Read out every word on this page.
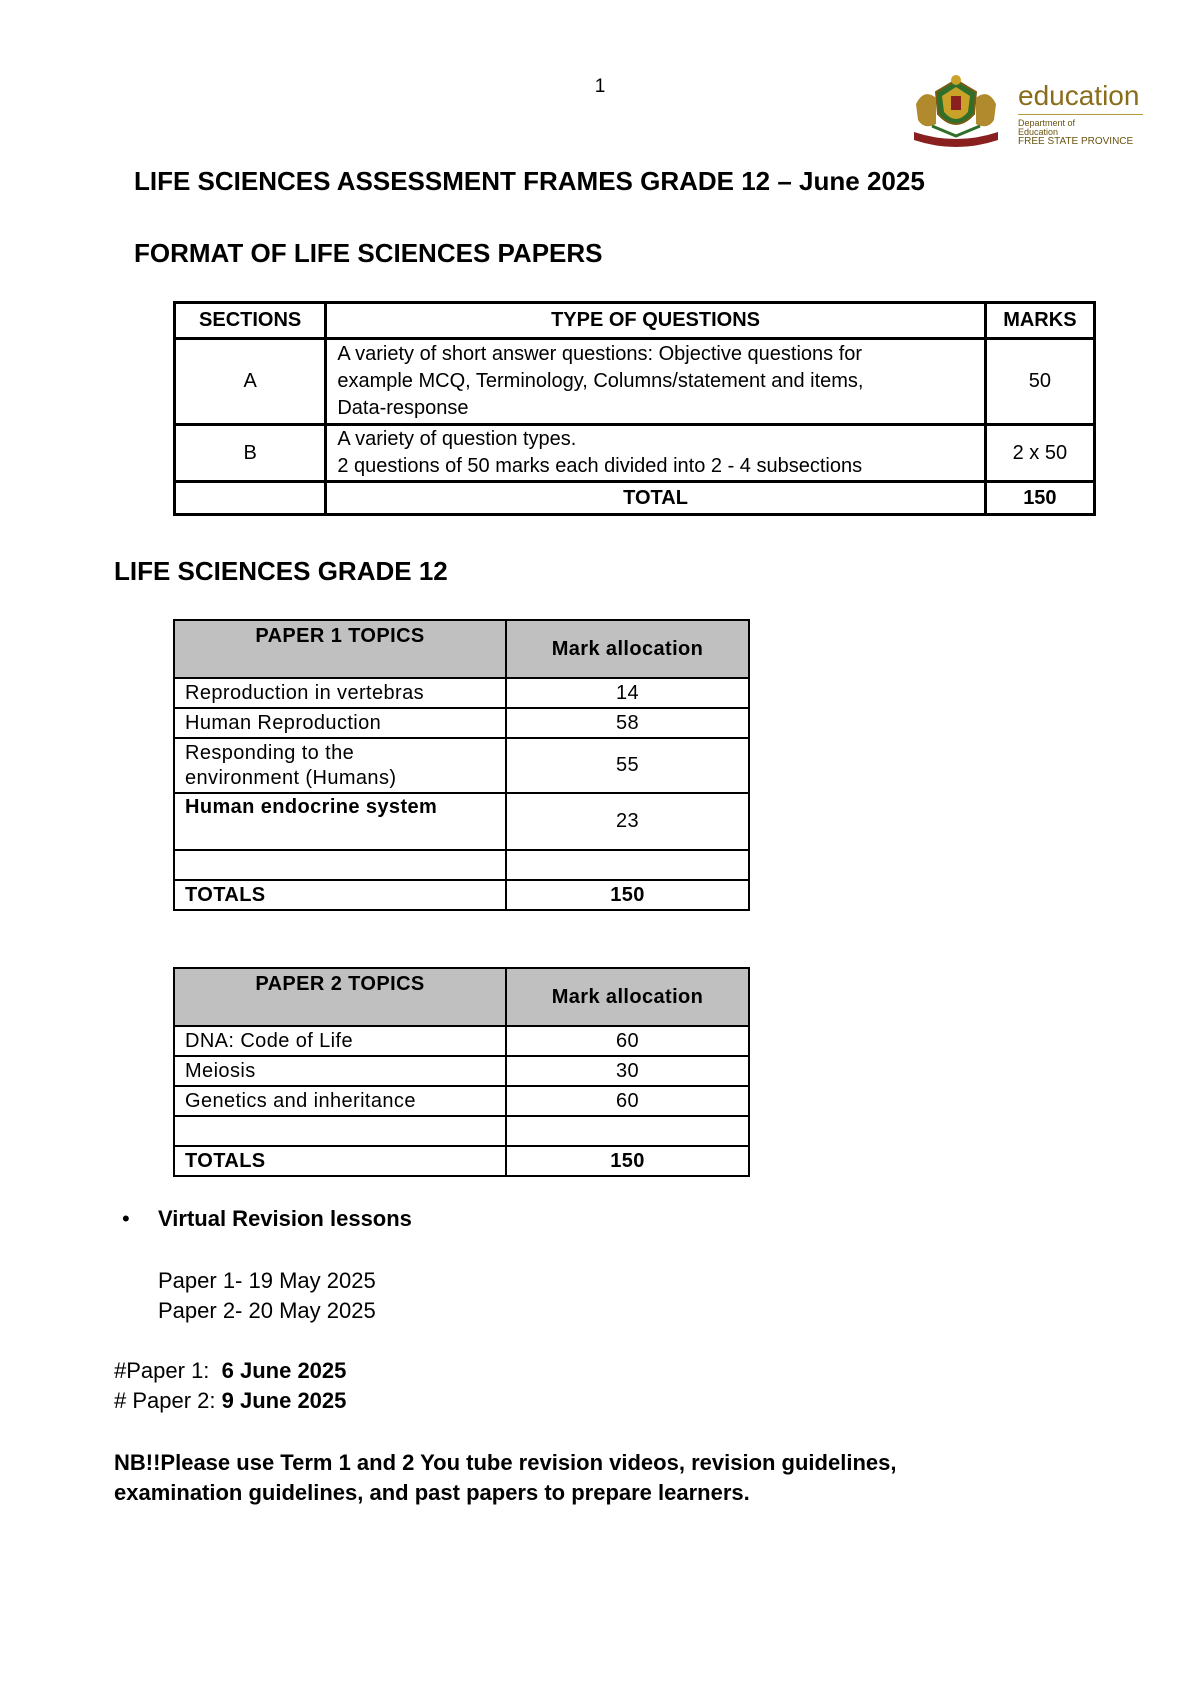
1	education
Department of
Education
FREE STATE PROVINCE
LIFE SCIENCES ASSESSMENT FRAMES GRADE 12 – June 2025
FORMAT OF LIFE SCIENCES PAPERS
SECTIONS	TYPE OF QUESTIONS	MARKS
A	A variety of short answer questions: Objective questions for
example MCQ, Terminology, Columns/statement and items,
Data-response	50
B	A variety of question types.
2 questions of 50 marks each divided into 2 - 4 subsections	2 x 50
	TOTAL	150
LIFE SCIENCES GRADE 12
PAPER 1 TOPICS	Mark allocation
Reproduction in vertebras	14
Human Reproduction	58

Responding to the
environment (Humans)	55
Human endocrine system	23

TOTALS	150
PAPER 2 TOPICS	Mark allocation
DNA: Code of Life	60
Meiosis	30
Genetics and inheritance	60

TOTALS	150
• Virtual Revision lessons
Paper 1- 19 May 2025
Paper 2- 20 May 2025
#Paper 1:  6 June 2025
# Paper 2: 9 June 2025
NB!!Please use Term 1 and 2 You tube revision videos, revision guidelines,
examination guidelines, and past papers to prepare learners.
